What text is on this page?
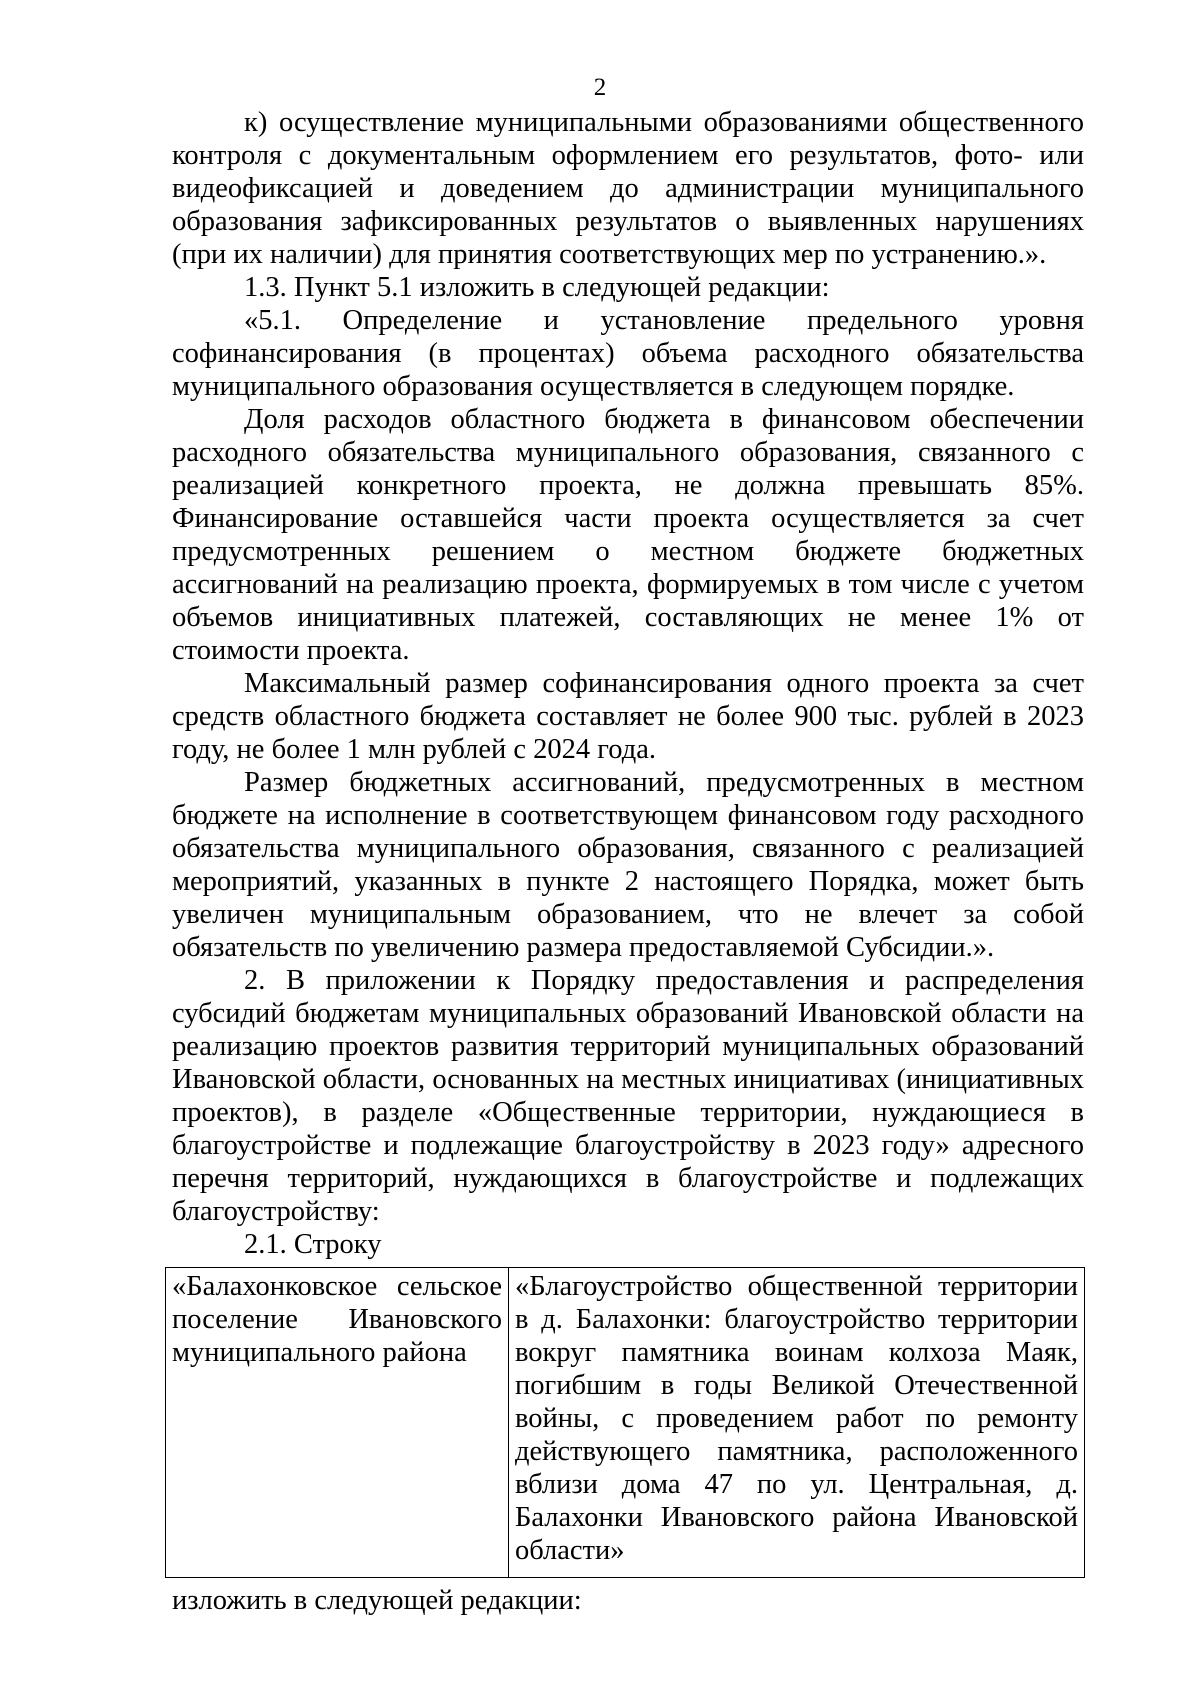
2

к) осуществление муниципальными образованиями общественного контроля с документальным оформлением его результатов, фото- или видеофиксацией и доведением до администрации муниципального образования зафиксированных результатов о выявленных нарушениях (при их наличии) для принятия соответствующих мер по устранению.».

1.3. Пункт 5.1 изложить в следующей редакции:

«5.1. Определение и установление предельного уровня софинансирования (в процентах) объема расходного обязательства муниципального образования осуществляется в следующем порядке.

Доля расходов областного бюджета в финансовом обеспечении расходного обязательства муниципального образования, связанного с реализацией конкретного проекта, не должна превышать 85%. Финансирование оставшейся части проекта осуществляется за счет предусмотренных решением о местном бюджете бюджетных ассигнований на реализацию проекта, формируемых в том числе с учетом объемов инициативных платежей, составляющих не менее 1% от стоимости проекта.

Максимальный размер софинансирования одного проекта за счет средств областного бюджета составляет не более 900 тыс. рублей в 2023 году, не более 1 млн рублей с 2024 года.

Размер бюджетных ассигнований, предусмотренных в местном бюджете на исполнение в соответствующем финансовом году расходного обязательства муниципального образования, связанного с реализацией мероприятий, указанных в пункте 2 настоящего Порядка, может быть увеличен муниципальным образованием, что не влечет за собой обязательств по увеличению размера предоставляемой Субсидии.».

2. В приложении к Порядку предоставления и распределения субсидий бюджетам муниципальных образований Ивановской области на реализацию проектов развития территорий муниципальных образований Ивановской области, основанных на местных инициативах (инициативных проектов), в разделе «Общественные территории, нуждающиеся в благоустройстве и подлежащие благоустройству в 2023 году» адресного перечня территорий, нуждающихся в благоустройстве и подлежащих благоустройству:

2.1. Строку

«Балахонковское сельское поселение Ивановского муниципального района	«Благоустройство общественной территории в д. Балахонки: благоустройство территории вокруг памятника воинам колхоза Маяк, погибшим в годы Великой Отечественной войны, с проведением работ по ремонту действующего памятника, расположенного вблизи дома 47 по ул. Центральная, д. Балахонки Ивановского района Ивановской области»

изложить в следующей редакции:
